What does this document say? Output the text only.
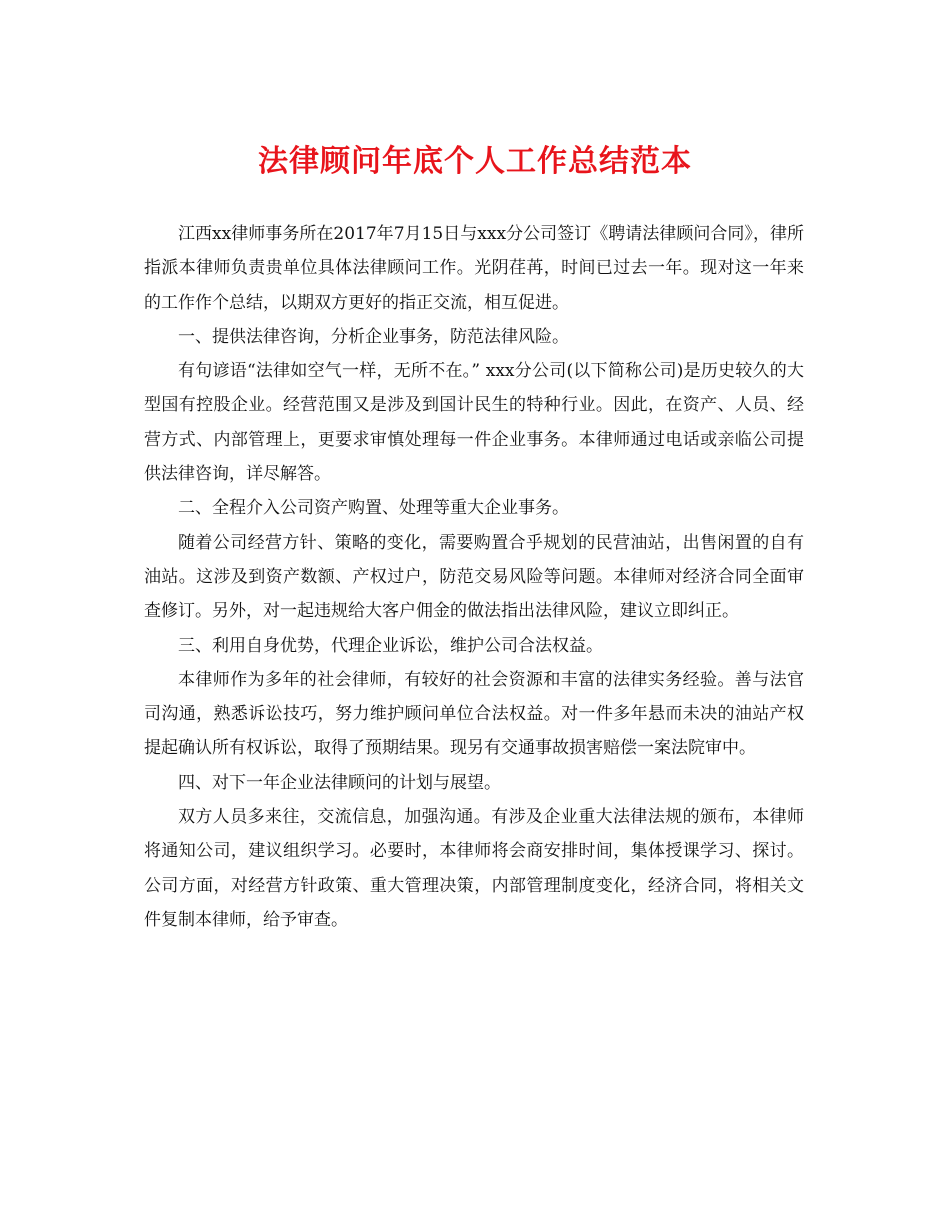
法律顾问年底个人工作总结范本

江西xx律师事务所在2017年7月15日与xxx分公司签订《聘请法律顾问合同》，律所指派本律师负责贵单位具体法律顾问工作。光阴荏苒，时间已过去一年。现对这一年来的工作作个总结，以期双方更好的指正交流，相互促进。

一、提供法律咨询，分析企业事务，防范法律风险。

有句谚语“法律如空气一样，无所不在。” xxx分公司(以下简称公司)是历史较久的大型国有控股企业。经营范围又是涉及到国计民生的特种行业。因此，在资产、人员、经营方式、内部管理上，更要求审慎处理每一件企业事务。本律师通过电话或亲临公司提供法律咨询，详尽解答。

二、全程介入公司资产购置、处理等重大企业事务。

随着公司经营方针、策略的变化，需要购置合乎规划的民营油站，出售闲置的自有油站。这涉及到资产数额、产权过户，防范交易风险等问题。本律师对经济合同全面审查修订。另外，对一起违规给大客户佣金的做法指出法律风险，建议立即纠正。

三、利用自身优势，代理企业诉讼，维护公司合法权益。

本律师作为多年的社会律师，有较好的社会资源和丰富的法律实务经验。善与法官司沟通，熟悉诉讼技巧，努力维护顾问单位合法权益。对一件多年悬而未决的油站产权提起确认所有权诉讼，取得了预期结果。现另有交通事故损害赔偿一案法院审中。

四、对下一年企业法律顾问的计划与展望。

双方人员多来往，交流信息，加强沟通。有涉及企业重大法律法规的颁布，本律师将通知公司，建议组织学习。必要时，本律师将会商安排时间，集体授课学习、探讨。公司方面，对经营方针政策、重大管理决策，内部管理制度变化，经济合同，将相关文件复制本律师，给予审查。
